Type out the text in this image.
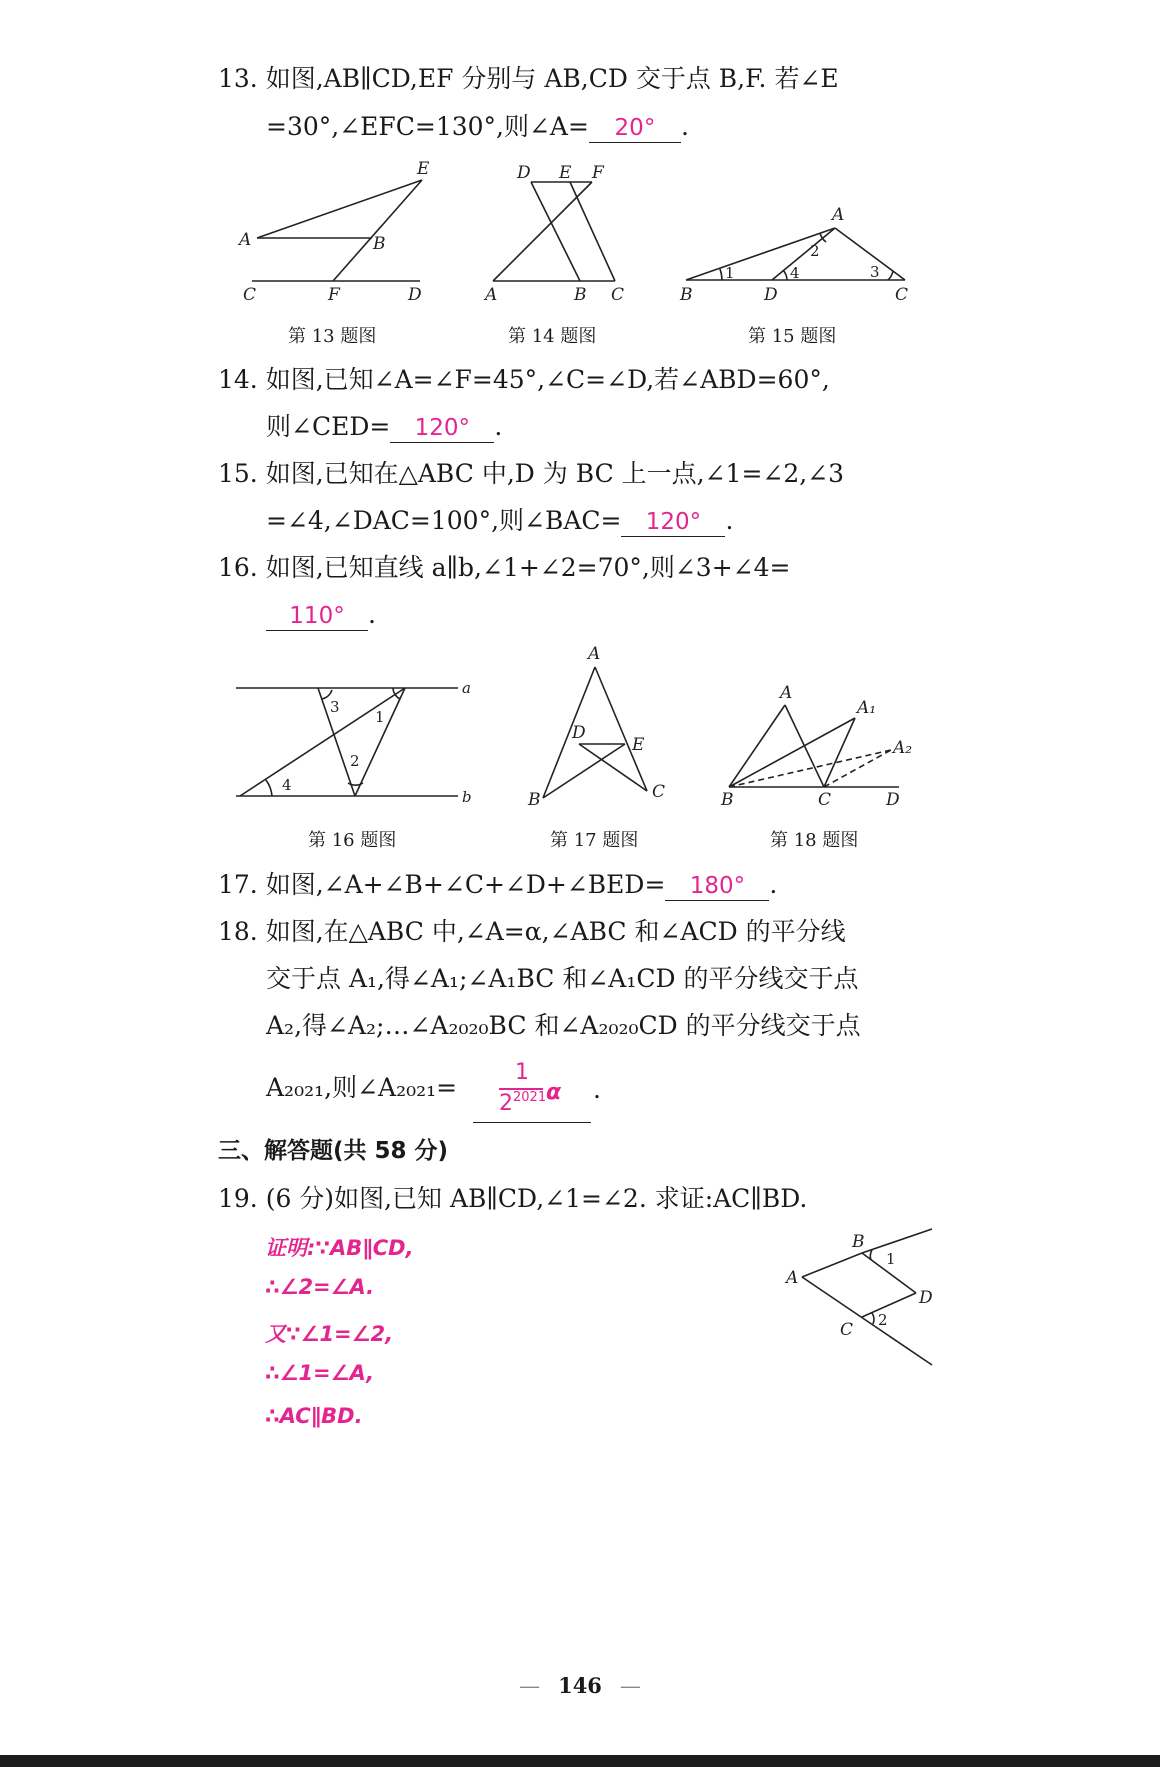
13. 如图,AB∥CD,EF 分别与 AB,CD 交于点 B,F. 若∠E
=30°,∠EFC=130°,则∠A= 20° .
E
A	B
C	F	D
第 13 题图
D E F
A	B C
第 14 题图
A
B	D	C
1
2
4	3
第 15 题图
14. 如图,已知∠A=∠F=45°,∠C=∠D,若∠ABD=60°,
则∠CED= 120° .
15. 如图,已知在△ABC 中,D 为 BC 上一点,∠1=∠2,∠3
=∠4,∠DAC=100°,则∠BAC= 120° .
16. 如图,已知直线 a∥b,∠1+∠2=70°,则∠3+∠4=
110° .
a
b
3
1
2
4
第 16 题图
A
D
E
B	C
第 17 题图
A
A₁
A₂
B	C	D
第 18 题图
17. 如图,∠A+∠B+∠C+∠D+∠BED= 180° .
18. 如图,在△ABC 中,∠A=α,∠ABC 和∠ACD 的平分线
交于点 A₁,得∠A₁;∠A₁BC 和∠A₁CD 的平分线交于点
A₂,得∠A₂;…∠A₂₀₂₀BC 和∠A₂₀₂₀CD 的平分线交于点
A₂₀₂₁,则∠A₂₀₂₁=
1
$2^{2021}$ α .
三、解答题(共 58 分)
19. (6 分)如图,已知 AB∥CD,∠1=∠2. 求证:AC∥BD.
证明:∵AB∥CD,
∴∠2=∠A.
又∵∠1=∠2,
∴∠1=∠A,
∴AC∥BD.
A
B
D
C
1
2
— 146 —
